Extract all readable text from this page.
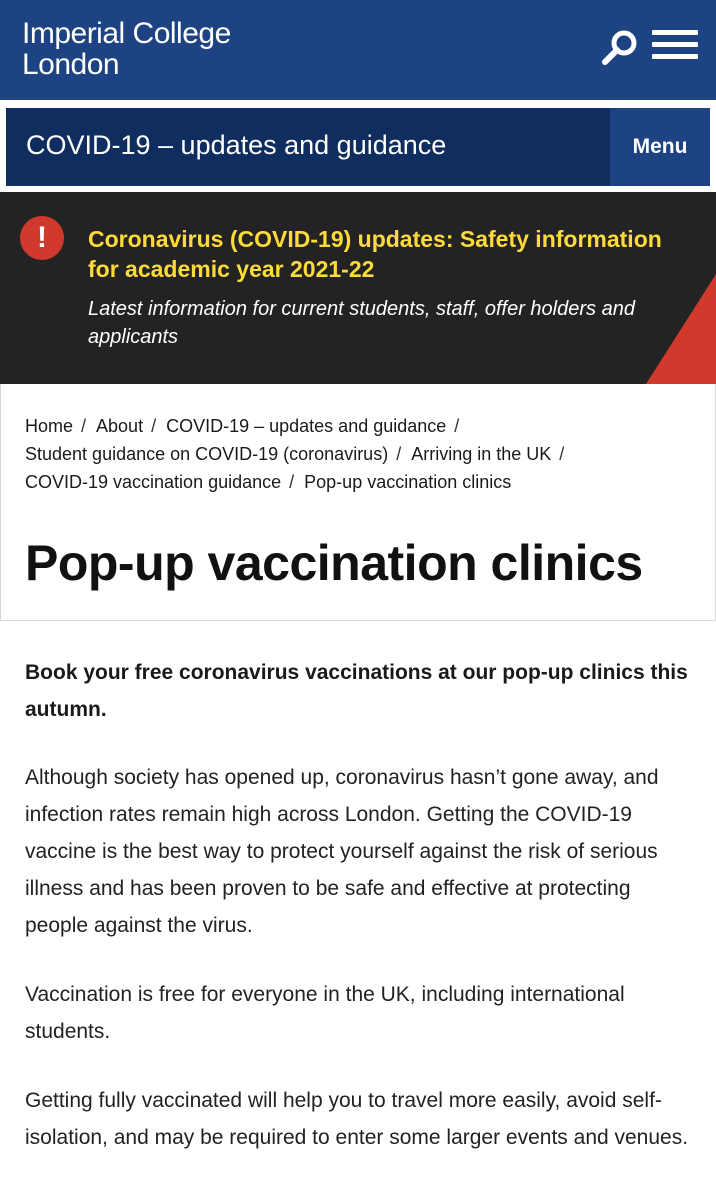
Imperial College
London
COVID-19 – updates and guidance	Menu
!	Coronavirus (COVID-19) updates: Safety information for academic year 2021-22
Latest information for current students, staff, offer holders and applicants
Home / About / COVID-19 – updates and guidance /
Student guidance on COVID-19 (coronavirus) / Arriving in the UK /
COVID-19 vaccination guidance / Pop-up vaccination clinics
Pop-up vaccination clinics

Book your free coronavirus vaccinations at our pop-up clinics this autumn.

Although society has opened up, coronavirus hasn’t gone away, and infection rates remain high across London. Getting the COVID-19 vaccine is the best way to protect yourself against the risk of serious illness and has been proven to be safe and effective at protecting people against the virus.

Vaccination is free for everyone in the UK, including international students.

Getting fully vaccinated will help you to travel more easily, avoid self-isolation, and may be required to enter some larger events and venues.
